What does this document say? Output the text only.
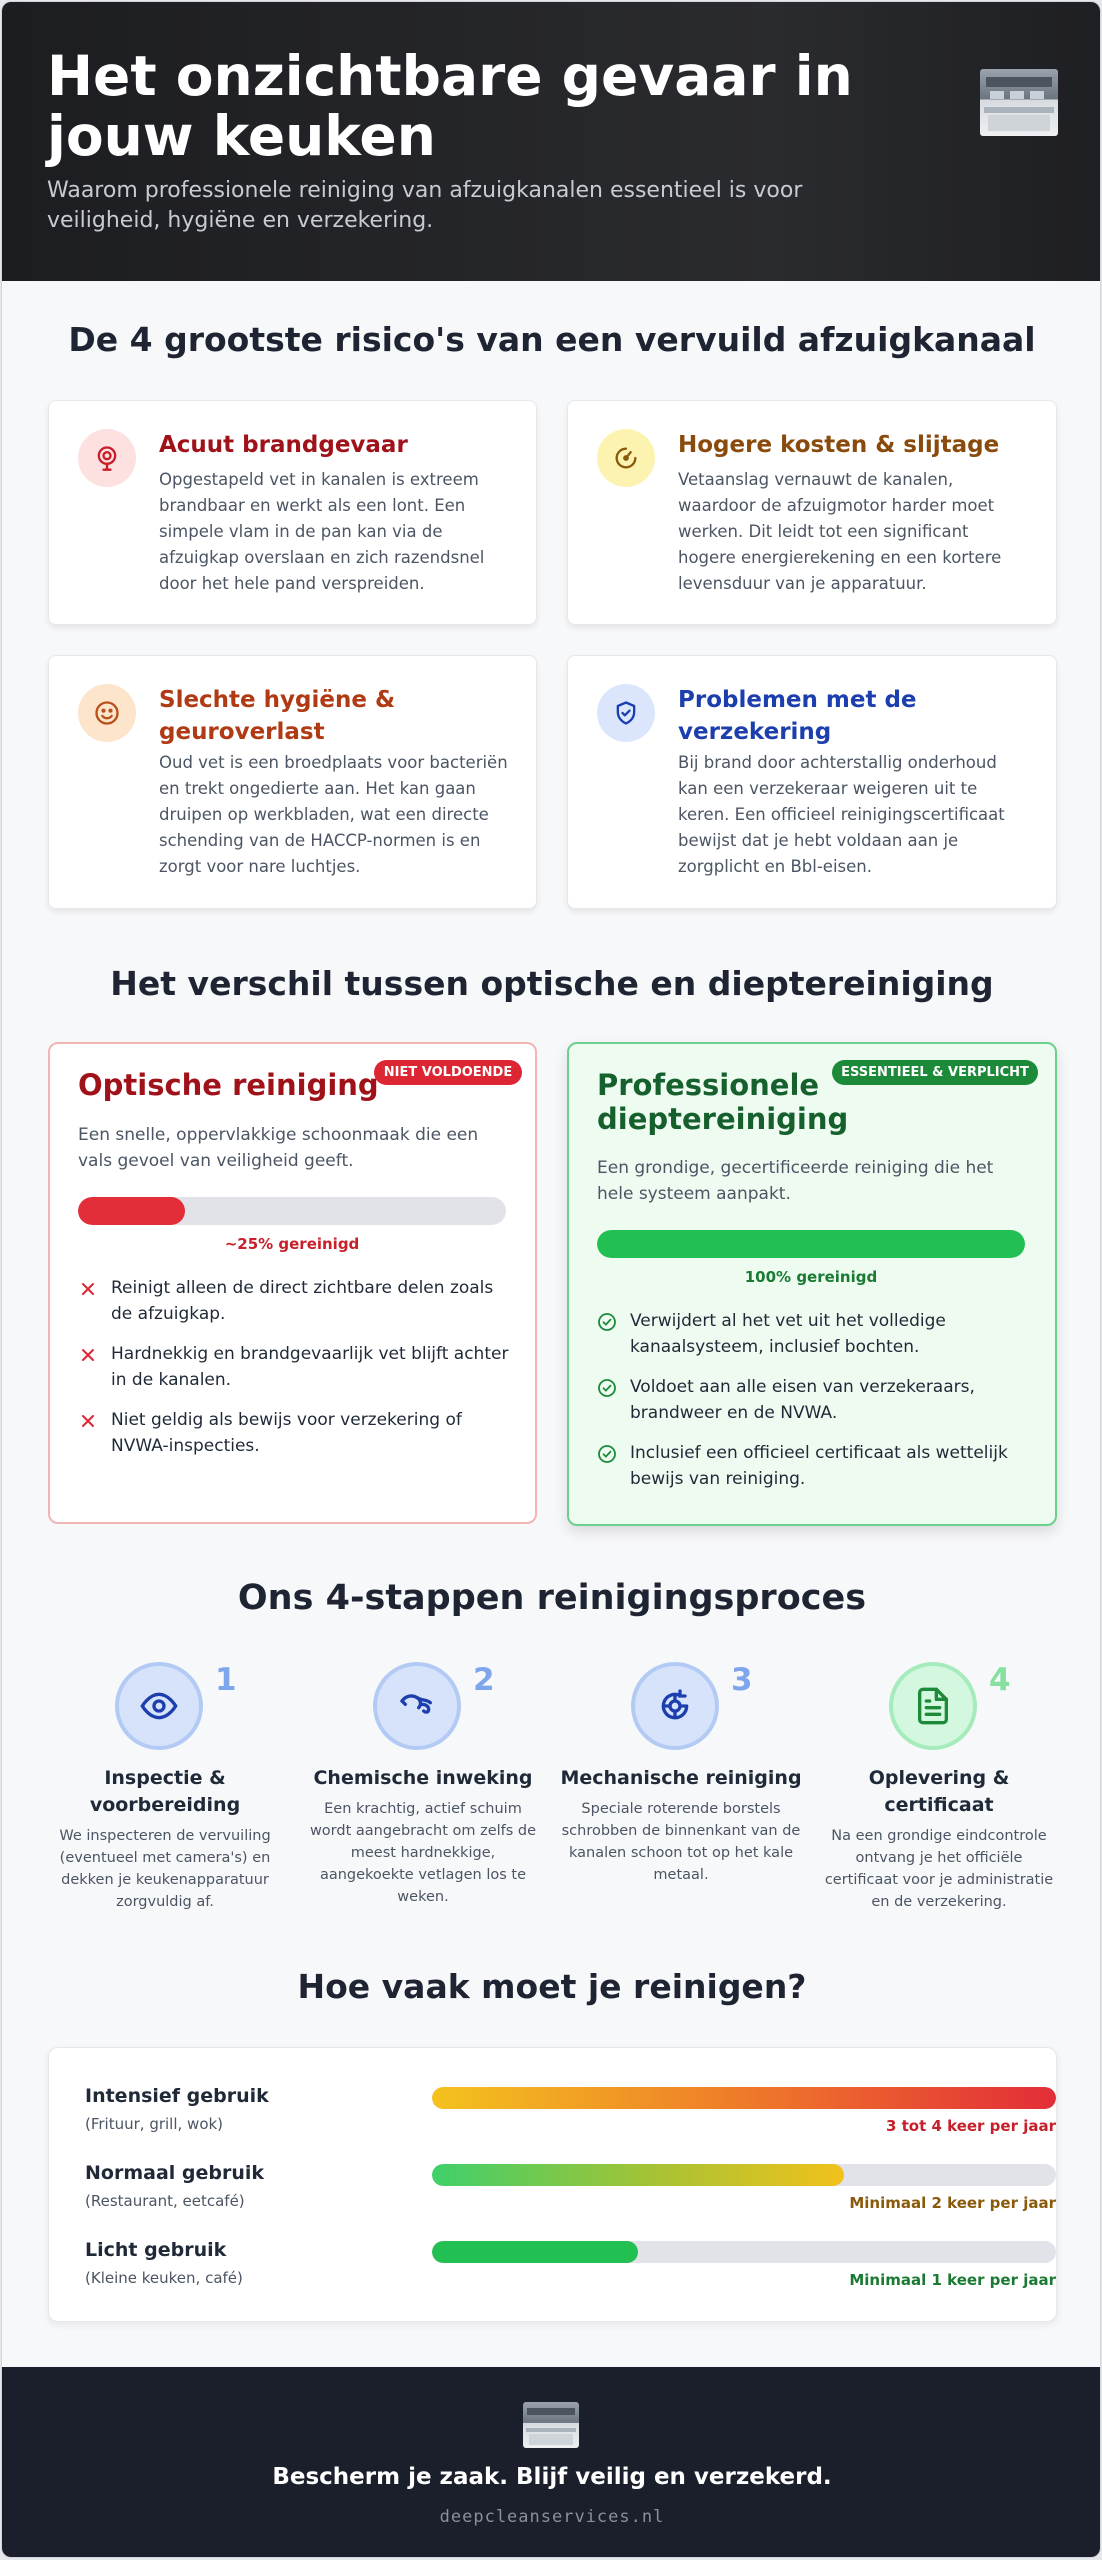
Het onzichtbare gevaar in jouw keuken
Waarom professionele reiniging van afzuigkanalen essentieel is voor veiligheid, hygiëne en verzekering.
De 4 grootste risico's van een vervuild afzuigkanaal
Acuut brandgevaar

Opgestapeld vet in kanalen is extreem brandbaar en werkt als een lont. Een simpele vlam in de pan kan via de afzuigkap overslaan en zich razendsnel door het hele pand verspreiden.

Hogere kosten & slijtage

Vetaanslag vernauwt de kanalen, waardoor de afzuigmotor harder moet werken. Dit leidt tot een significant hogere energierekening en een kortere levensduur van je apparatuur.

Slechte hygiëne & geuroverlast

Oud vet is een broedplaats voor bacteriën en trekt ongedierte aan. Het kan gaan druipen op werkbladen, wat een directe schending van de HACCP-normen is en zorgt voor nare luchtjes.

Problemen met de verzekering

Bij brand door achterstallig onderhoud kan een verzekeraar weigeren uit te keren. Een officieel reinigingscertificaat bewijst dat je hebt voldaan aan je zorgplicht en Bbl-eisen.

Het verschil tussen optische en dieptereiniging
NIET VOLDOENDE
Optische reiniging
Een snelle, oppervlakkige schoonmaak die een vals gevoel van veiligheid geeft.
~25% gereinigd
Reinigt alleen de direct zichtbare delen zoals de afzuigkap.
Hardnekkig en brandgevaarlijk vet blijft achter in de kanalen.
Niet geldig als bewijs voor verzekering of NVWA-inspecties.
ESSENTIEEL & VERPLICHT
Professionele dieptereiniging
Een grondige, gecertificeerde reiniging die het hele systeem aanpakt.
100% gereinigd
Verwijdert al het vet uit het volledige kanaalsysteem, inclusief bochten.
Voldoet aan alle eisen van verzekeraars, brandweer en de NVWA.
Inclusief een officieel certificaat als wettelijk bewijs van reiniging.
Ons 4-stappen reinigingsproces
1
Inspectie & voorbereiding

We inspecteren de vervuiling (eventueel met camera's) en dekken je keukenapparatuur zorgvuldig af.

2
Chemische inweking

Een krachtig, actief schuim wordt aangebracht om zelfs de meest hardnekkige, aangekoekte vetlagen los te weken.

3
Mechanische reiniging

Speciale roterende borstels schrobben de binnenkant van de kanalen schoon tot op het kale metaal.

4
Oplevering & certificaat

Na een grondige eindcontrole ontvang je het officiële certificaat voor je administratie en de verzekering.

Hoe vaak moet je reinigen?
Intensief gebruik
(Frituur, grill, wok)	3 tot 4 keer per jaar
Normaal gebruik
(Restaurant, eetcafé)	Minimaal 2 keer per jaar
Licht gebruik
(Kleine keuken, café)	Minimaal 1 keer per jaar
Bescherm je zaak. Blijf veilig en verzekerd.
deepcleanservices.nl
